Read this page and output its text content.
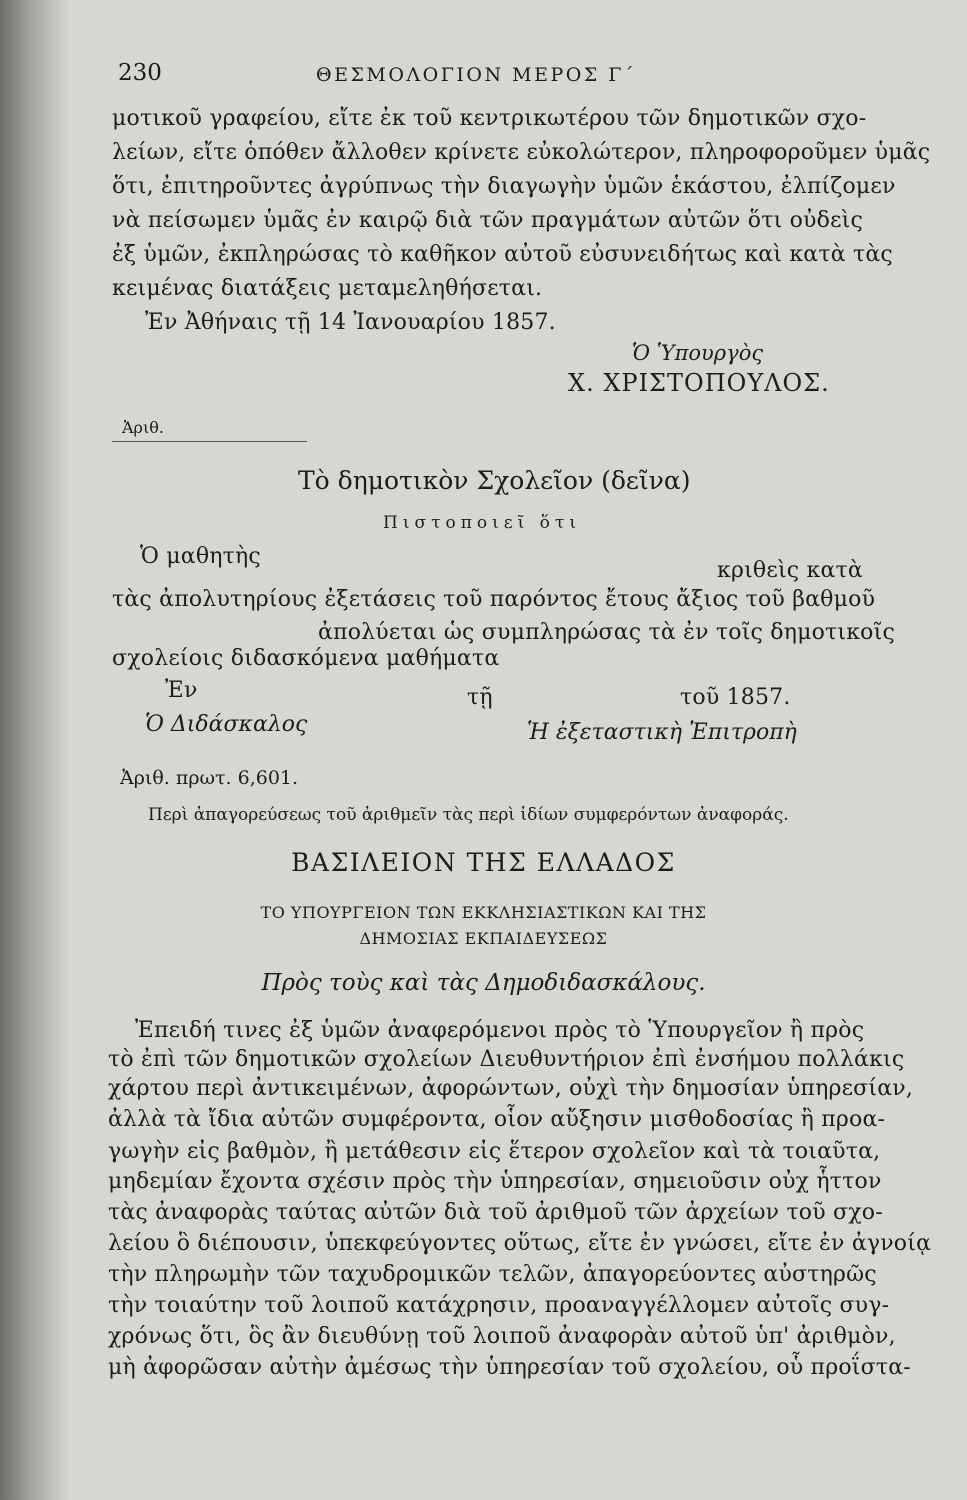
230	ΘΕΣΜΟΛΟΓΙΟΝ ΜΕΡΟΣ Γ΄
μοτικοῦ γραφείου, εἴτε ἐκ τοῦ κεντρικωτέρου τῶν δημοτικῶν σχο-
λείων, εἴτε ὁπόθεν ἄλλοθεν κρίνετε εὐκολώτερον, πληροφοροῦμεν ὑμᾶς
ὅτι, ἐπιτηροῦντες ἀγρύπνως τὴν διαγωγὴν ὑμῶν ἑκάστου, ἐλπίζομεν
νὰ πείσωμεν ὑμᾶς ἐν καιρῷ διὰ τῶν πραγμάτων αὐτῶν ὅτι οὐδεὶς
ἐξ ὑμῶν, ἐκπληρώσας τὸ καθῆκον αὐτοῦ εὐσυνειδήτως καὶ κατὰ τὰς
κειμένας διατάξεις μεταμεληθήσεται.
Ἐν Ἀθήναις τῇ 14 Ἰανουαρίου 1857.
Ὁ Ὑπουργὸς
Χ. ΧΡΙΣΤΟΠΟΥΛΟΣ.
Ἀριθ.
Τὸ δημοτικὸν Σχολεῖον (δεῖνα)
Πιστοποιεῖ ὅτι
Ὁ μαθητὴς
κριθεὶς κατὰ
τὰς ἀπολυτηρίους ἐξετάσεις τοῦ παρόντος ἔτους ἄξιος τοῦ βαθμοῦ
ἀπολύεται ὡς συμπληρώσας τὰ ἐν τοῖς δημοτικοῖς
σχολείοις διδασκόμενα μαθήματα
Ἐν	τῇ	τοῦ 1857.
Ὁ Διδάσκαλος	Ἡ ἐξεταστικὴ Ἐπιτροπὴ
Ἀριθ. πρωτ. 6,601.
Περὶ ἀπαγορεύσεως τοῦ ἀριθμεῖν τὰς περὶ ἰδίων συμφερόντων ἀναφοράς.
ΒΑΣΙΛΕΙΟΝ ΤΗΣ ΕΛΛΑΔΟΣ
ΤΟ ΥΠΟΥΡΓΕΙΟΝ ΤΩΝ ΕΚΚΛΗΣΙΑΣΤΙΚΩΝ ΚΑΙ ΤΗΣ
ΔΗΜΟΣΙΑΣ ΕΚΠΑΙΔΕΥΣΕΩΣ
Πρὸς τοὺς καὶ τὰς Δημοδιδασκάλους.
Ἐπειδή τινες ἐξ ὑμῶν ἀναφερόμενοι πρὸς τὸ Ὑπουργεῖον ἢ πρὸς
τὸ ἐπὶ τῶν δημοτικῶν σχολείων Διευθυντήριον ἐπὶ ἐνσήμου πολλάκις
χάρτου περὶ ἀντικειμένων, ἀφορώντων, οὐχὶ τὴν δημοσίαν ὑπηρεσίαν,
ἀλλὰ τὰ ἴδια αὐτῶν συμφέροντα, οἷον αὔξησιν μισθοδοσίας ἢ προα-
γωγὴν εἰς βαθμὸν, ἢ μετάθεσιν εἰς ἕτερον σχολεῖον καὶ τὰ τοιαῦτα,
μηδεμίαν ἔχοντα σχέσιν πρὸς τὴν ὑπηρεσίαν, σημειοῦσιν οὐχ ἧττον
τὰς ἀναφορὰς ταύτας αὐτῶν διὰ τοῦ ἀριθμοῦ τῶν ἀρχείων τοῦ σχο-
λείου ὃ διέπουσιν, ὑπεκφεύγοντες οὕτως, εἴτε ἐν γνώσει, εἴτε ἐν ἀγνοίᾳ
τὴν πληρωμὴν τῶν ταχυδρομικῶν τελῶν, ἀπαγορεύοντες αὐστηρῶς
τὴν τοιαύτην τοῦ λοιποῦ κατάχρησιν, προαναγγέλλομεν αὐτοῖς συγ-
χρόνως ὅτι, ὃς ἂν διευθύνῃ τοῦ λοιποῦ ἀναφορὰν αὐτοῦ ὑπ' ἀριθμὸν,
μὴ ἀφορῶσαν αὐτὴν ἀμέσως τὴν ὑπηρεσίαν τοῦ σχολείου, οὗ προΐστα-
